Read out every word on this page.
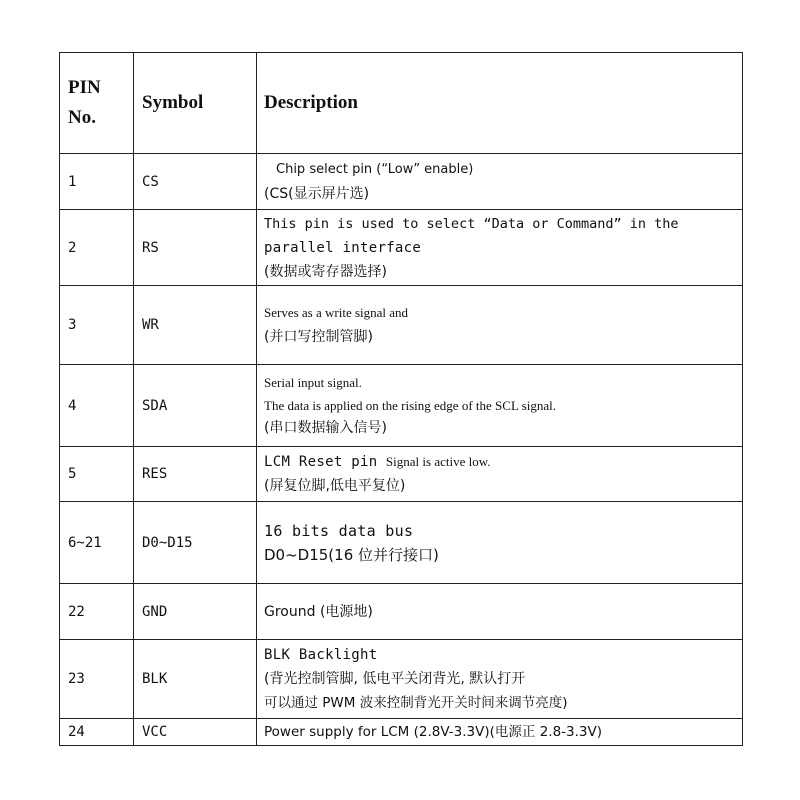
PIN
No.	Symbol	Description
1	CS	Chip select pin (“Low” enable)
(CS(显示屏片选)

2	RS	This pin is used to select “Data or Command” in the
parallel interface
(数据或寄存器选择)

3	WR	Serves as a write signal and
(并口写控制管脚)

4	SDA	Serial input signal.
The data is applied on the rising edge of the SCL signal.
(串口数据输入信号)

5	RES	LCM Reset pin Signal is active low.
(屏复位脚,低电平复位)

6~21	D0~D15	16 bits data bus
D0~D15(16 位并行接口)

22	GND	Ground (电源地)

23	BLK	BLK Backlight
(背光控制管脚, 低电平关闭背光, 默认打开
可以通过 PWM 波来控制背光开关时间来调节亮度)

24	VCC	Power supply for LCM (2.8V-3.3V)(电源正 2.8-3.3V)
